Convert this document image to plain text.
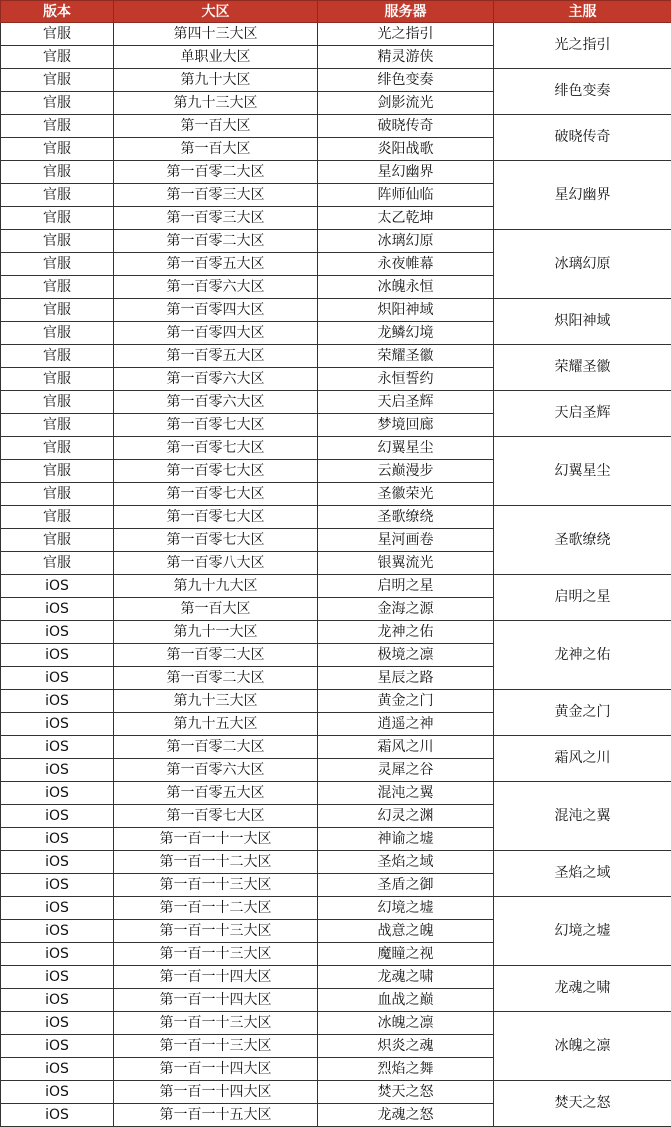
版本	大区	服务器	主服
官服	第四十三大区	光之指引	光之指引
官服	单职业大区	精灵游侠	
官服	第九十大区	绯色变奏	绯色变奏
官服	第九十三大区	剑影流光	
官服	第一百大区	破晓传奇	破晓传奇
官服	第一百大区	炎阳战歌	
官服	第一百零二大区	星幻幽界	星幻幽界
官服	第一百零三大区	阵师仙临	
官服	第一百零三大区	太乙乾坤	
官服	第一百零二大区	冰璃幻原	冰璃幻原
官服	第一百零五大区	永夜帷幕	
官服	第一百零六大区	冰魄永恒	
官服	第一百零四大区	炽阳神域	炽阳神域
官服	第一百零四大区	龙鳞幻境	
官服	第一百零五大区	荣耀圣徽	荣耀圣徽
官服	第一百零六大区	永恒誓约	
官服	第一百零六大区	天启圣辉	天启圣辉
官服	第一百零七大区	梦境回廊	
官服	第一百零七大区	幻翼星尘	幻翼星尘
官服	第一百零七大区	云巅漫步	
官服	第一百零七大区	圣徽荣光	
官服	第一百零七大区	圣歌缭绕	圣歌缭绕
官服	第一百零七大区	星河画卷	
官服	第一百零八大区	银翼流光	
iOS	第九十九大区	启明之星	启明之星
iOS	第一百大区	金海之源	
iOS	第九十一大区	龙神之佑	龙神之佑
iOS	第一百零二大区	极境之凛	
iOS	第一百零二大区	星辰之路	
iOS	第九十三大区	黄金之门	黄金之门
iOS	第九十五大区	逍遥之神	
iOS	第一百零二大区	霜风之川	霜风之川
iOS	第一百零六大区	灵犀之谷	
iOS	第一百零五大区	混沌之翼	混沌之翼
iOS	第一百零七大区	幻灵之渊	
iOS	第一百一十一大区	神谕之墟	
iOS	第一百一十二大区	圣焰之域	圣焰之域
iOS	第一百一十三大区	圣盾之御	
iOS	第一百一十二大区	幻境之墟	幻境之墟
iOS	第一百一十三大区	战意之魄	
iOS	第一百一十三大区	魔瞳之视	
iOS	第一百一十四大区	龙魂之啸	龙魂之啸
iOS	第一百一十四大区	血战之巅	
iOS	第一百一十三大区	冰魄之凛	冰魄之凛
iOS	第一百一十三大区	炽炎之魂	
iOS	第一百一十四大区	烈焰之舞	
iOS	第一百一十四大区	焚天之怒	焚天之怒
iOS	第一百一十五大区	龙魂之怒	
